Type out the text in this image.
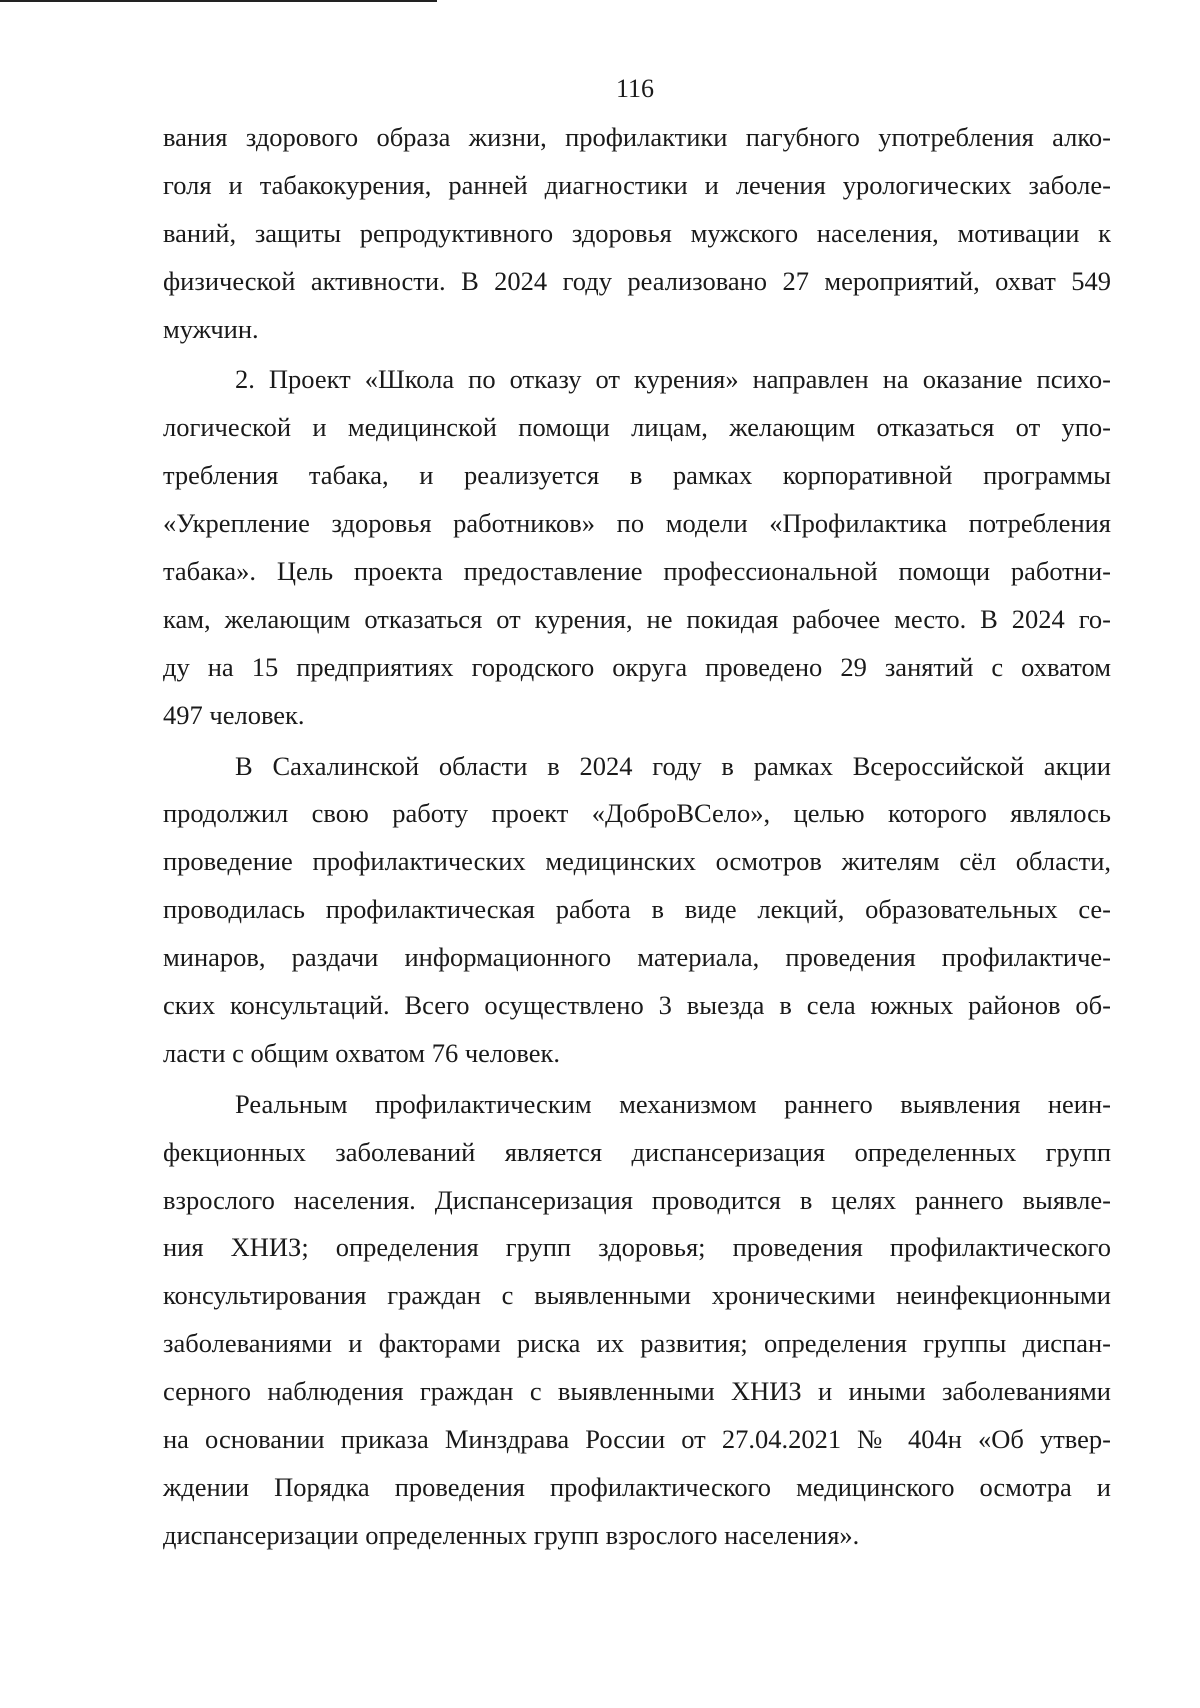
116
вания здорового образа жизни, профилактики пагубного употребления алко-
голя и табакокурения, ранней диагностики и лечения урологических заболе-
ваний, защиты репродуктивного здоровья мужского населения, мотивации к
физической активности. В 2024 году реализовано 27 мероприятий, охват 549
мужчин.
2. Проект «Школа по отказу от курения» направлен на оказание психо-
логической и медицинской помощи лицам, желающим отказаться от упо-
требления табака, и реализуется в рамках корпоративной программы
«Укрепление здоровья работников» по модели «Профилактика потребления
табака». Цель проекта предоставление профессиональной помощи работни-
кам, желающим отказаться от курения, не покидая рабочее место. В 2024 го-
ду на 15 предприятиях городского округа проведено 29 занятий с охватом
497 человек.
В Сахалинской области в 2024 году в рамках Всероссийской акции
продолжил свою работу проект «ДоброВСело», целью которого являлось
проведение профилактических медицинских осмотров жителям сёл области,
проводилась профилактическая работа в виде лекций, образовательных се-
минаров, раздачи информационного материала, проведения профилактиче-
ских консультаций. Всего осуществлено 3 выезда в села южных районов об-
ласти с общим охватом 76 человек.
Реальным профилактическим механизмом раннего выявления неин-
фекционных заболеваний является диспансеризация определенных групп
взрослого населения. Диспансеризация проводится в целях раннего выявле-
ния ХНИЗ; определения групп здоровья; проведения профилактического
консультирования граждан с выявленными хроническими неинфекционными
заболеваниями и факторами риска их развития; определения группы диспан-
серного наблюдения граждан с выявленными ХНИЗ и иными заболеваниями
на основании приказа Минздрава России от 27.04.2021 № 404н «Об утвер-
ждении Порядка проведения профилактического медицинского осмотра и
диспансеризации определенных групп взрослого населения».
